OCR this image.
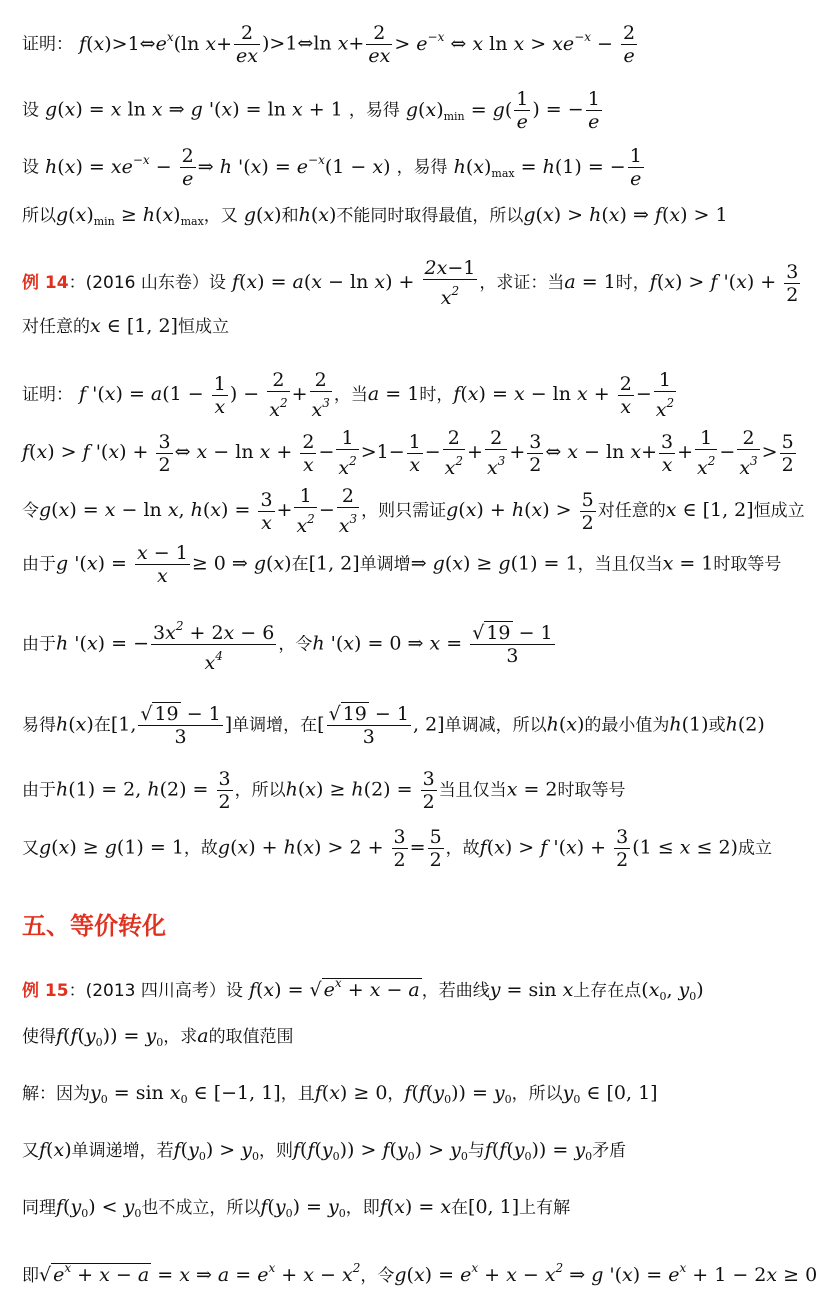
证明： $f(x)>1\Leftrightarrow e^x(\ln$ $x+ \frac{2}{ex}$ )>1⇔ln $x+ \frac{2}{ex} > e^{-x}$ ⇔ x $\ln x > xe^{-x} - \frac{2}{e}$
设 g(x) = x ln x ⇒ g '(x) = ln x + 1 ，易得 $g(x)_{min} = g( \frac{1}{e}$ ) = − $\frac{1}{e}$
设 $h(x) = xe^{-x} - \frac{2}{e}$ ⇒ h '$(x) = e^{-x}(1 - x)$ ，易得 $h(x)_{max} = h(1)$ = − $\frac{1}{e}$
所以$g(x)_{min} \ge h(x)_{max}$，又 g(x)和h(x)不能同时取得最值，所以g(x) > h(x) ⇒ f(x) > 1
例 14：(2016 山东卷）设 $f(x) = a(x - \ln x) + \frac{2x-1}{x^2}$ ，求证：当a = 1时，f(x) > f '$(x) + \frac{3}{2}$
对任意的x ∈ [1, 2]恒成立
证明： f '$(x) = a(1 - \frac{1}{x}$ ) − $\frac{2}{x^2} + \frac{2}{x^3}$ ，当a = 1时，$f(x) = x - \ln x + \frac{2}{x} - \frac{1}{x^2}$
f(x) > f '$(x) + \frac{3}{2}$ ⇔ $x - \ln x + \frac{2}{x} - \frac{1}{x^2} >1- \frac{1}{x} - \frac{2}{x^2} + \frac{2}{x^3} + \frac{3}{2}$ ⇔ $x - \ln x+ \frac{3}{x} + \frac{1}{x^2} - \frac{2}{x^3} > \frac{5}{2}$
令g(x) = x − ln x, $h(x) = \frac{3}{x} + \frac{1}{x^2} - \frac{2}{x^3}$ ，则只需证$g(x) + h(x) > \frac{5}{2}$ 对任意的x ∈ [1, 2]恒成立
由于g '$(x) = \frac{x - 1}{x} \ge 0$ ⇒ g(x)在[1, 2]单调增⇒ g(x) ≥ g(1) = 1，当且仅当x = 1时取等号
由于h '(x) = − $\frac{3x^2 + 2x - 6}{x^4}$ ，令h '(x) = 0 ⇒ $x = \frac{√ 19 - 1}{3}$
易得h(x)在[1, $\frac{√ 19 - 1}{3}$ ]单调增，在[ $\frac{√ 19 - 1}{3}$ , 2]单调减，所以h(x)的最小值为h(1)或h(2)
由于h(1) = 2, $h(2) = \frac{3}{2}$ ，所以$h(x) \ge h(2) = \frac{3}{2}$ 当且仅当x = 2时取等号
又g(x) ≥ g(1) = 1，故$g(x) + h(x) > 2 + \frac{3}{2} = \frac{5}{2}$ ，故f(x) > f '$(x) + \frac{3}{2} (1 \le x \le 2)$成立
五、等价转化
例 15：(2013 四川高考）设 f(x) = √ $e^x + x - a$ ，若曲线y = sin x上存在点($x_0$, $y_0$)
使得$f(f(y_0)) = y_0$，求a的取值范围
解：因为$y_0 = \sin x_0$ ∈ [−1, 1]，且f(x) ≥ 0，$f(f(y_0)) = y_0$，所以$y_0$ ∈ [0, 1]
又f(x)单调递增，若$f(y_0) > y_0$，则$f(f(y_0)) > f(y_0) > y_0$与$f(f(y_0)) = y_0$矛盾
同理$f(y_0) < y_0$也不成立，所以$f(y_0) = y_0$，即f(x) = x在[0, 1]上有解
即√ $e^x + x - a = x$ ⇒ $a = e^x + x - x^2$，令$g(x) = e^x + x - x^2$ ⇒ g '$(x) = e^x + 1 - 2x \ge 0$
